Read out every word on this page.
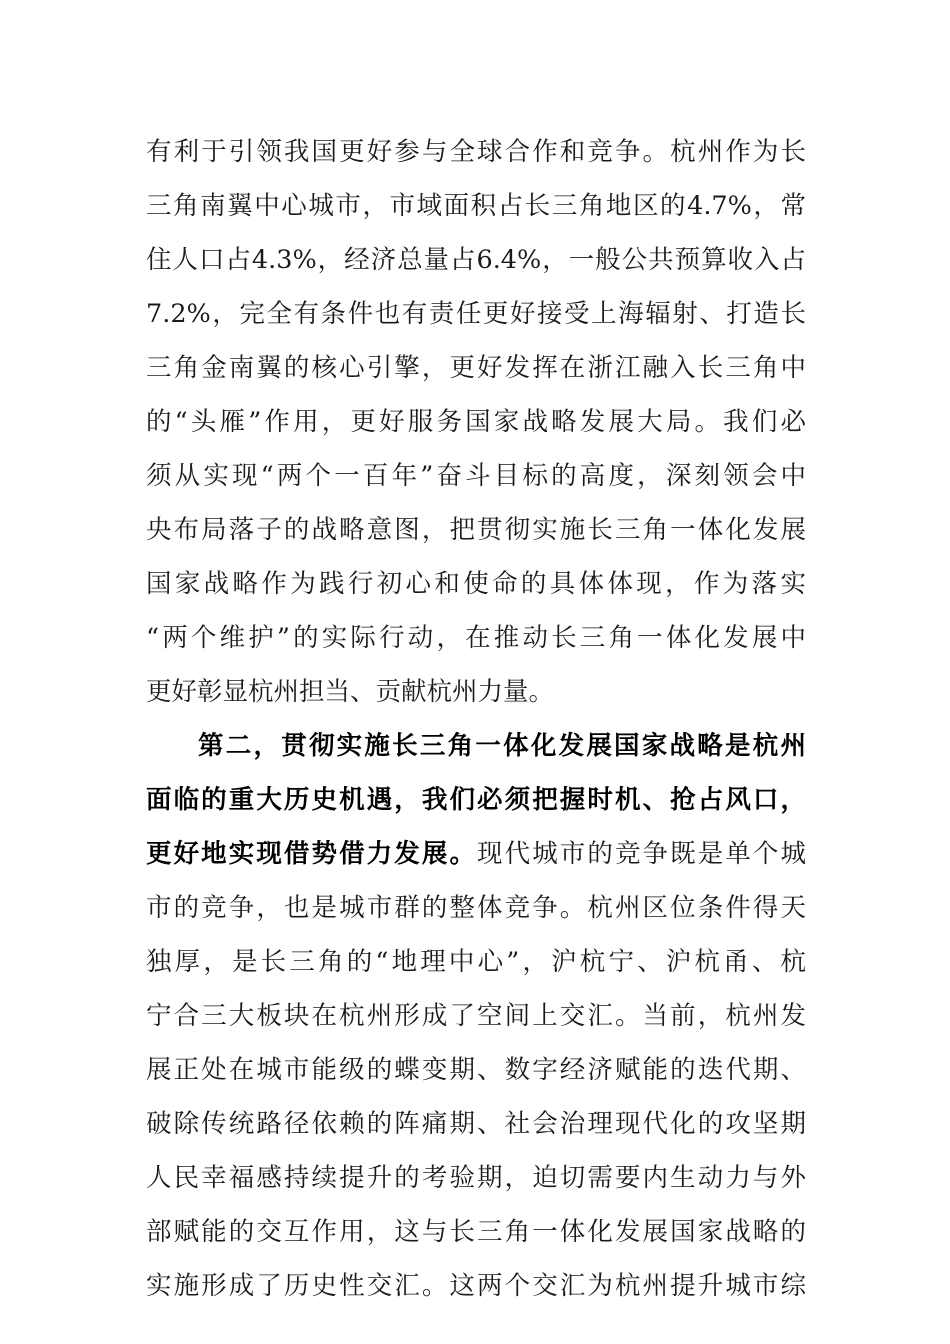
有利于引领我国更好参与全球合作和竞争。杭州作为长
三角南翼中心城市，市域面积占长三角地区的4.7%，常
住人口占4.3%，经济总量占6.4%，一般公共预算收入占
7.2%，完全有条件也有责任更好接受上海辐射、打造长
三角金南翼的核心引擎，更好发挥在浙江融入长三角中
的“头雁”作用，更好服务国家战略发展大局。我们必
须从实现“两个一百年”奋斗目标的高度，深刻领会中
央布局落子的战略意图，把贯彻实施长三角一体化发展
国家战略作为践行初心和使命的具体体现，作为落实
“两个维护”的实际行动，在推动长三角一体化发展中
更好彰显杭州担当、贡献杭州力量。
第二，贯彻实施长三角一体化发展国家战略是杭州
面临的重大历史机遇，我们必须把握时机、抢占风口，
更好地实现借势借力发展。现代城市的竞争既是单个城
市的竞争，也是城市群的整体竞争。杭州区位条件得天
独厚，是长三角的“地理中心”，沪杭宁、沪杭甬、杭
宁合三大板块在杭州形成了空间上交汇。当前，杭州发
展正处在城市能级的蝶变期、数字经济赋能的迭代期、
破除传统路径依赖的阵痛期、社会治理现代化的攻坚期
人民幸福感持续提升的考验期，迫切需要内生动力与外
部赋能的交互作用，这与长三角一体化发展国家战略的
实施形成了历史性交汇。这两个交汇为杭州提升城市综
